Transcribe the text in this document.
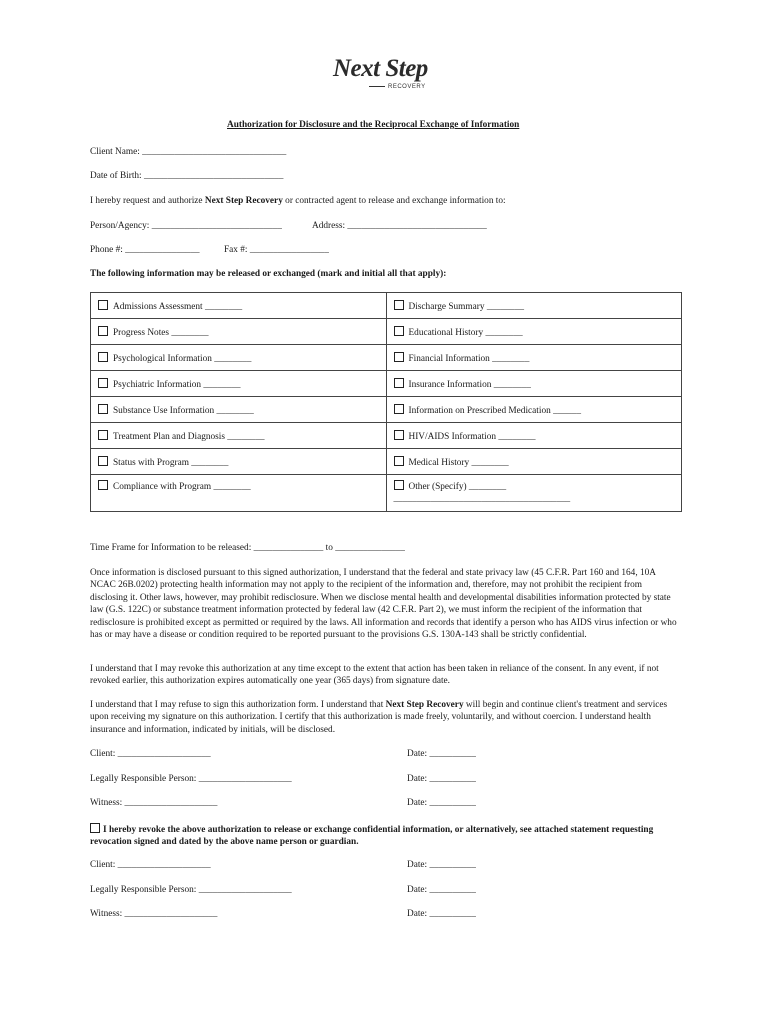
Next Step
RECOVERY
Authorization for Disclosure and the Reciprocal Exchange of Information
Client Name: _______________________________
Date of Birth: ______________________________
I hereby request and authorize Next Step Recovery or contracted agent to release and exchange information to:
Person/Agency: ____________________________	Address: ______________________________
Phone #: ________________	Fax #: _________________
The following information may be released or exchanged (mark and initial all that apply):
Admissions Assessment ________	Discharge Summary ________
Progress Notes ________	Educational History ________
Psychological Information ________	Financial Information ________
Psychiatric Information ________	Insurance Information ________
Substance Use Information ________	Information on Prescribed Medication ______
Treatment Plan and Diagnosis ________	HIV/AIDS Information ________
Status with Program ________	Medical History ________
Compliance with Program ________	Other (Specify) ________
______________________________________
Time Frame for Information to be released: _______________ to _______________
Once information is disclosed pursuant to this signed authorization, I understand that the federal and state privacy law (45 C.F.R. Part 160 and 164, 10A NCAC 26B.0202) protecting health information may not apply to the recipient of the information and, therefore, may not prohibit the recipient from disclosing it. Other laws, however, may prohibit redisclosure. When we disclose mental health and developmental disabilities information protected by state law (G.S. 122C) or substance treatment information protected by federal law (42 C.F.R. Part 2), we must inform the recipient of the information that redisclosure is prohibited except as permitted or required by the laws. All information and records that identify a person who has AIDS virus infection or who has or may have a disease or condition required to be reported pursuant to the provisions G.S. 130A-143 shall be strictly confidential.
I understand that I may revoke this authorization at any time except to the extent that action has been taken in reliance of the consent. In any event, if not revoked earlier, this authorization expires automatically one year (365 days) from signature date.
I understand that I may refuse to sign this authorization form. I understand that Next Step Recovery will begin and continue client's treatment and services upon receiving my signature on this authorization. I certify that this authorization is made freely, voluntarily, and without coercion. I understand health insurance and information, indicated by initials, will be disclosed.
Client: ____________________	Date: __________
Legally Responsible Person: ____________________	Date: __________
Witness: ____________________	Date: __________
I hereby revoke the above authorization to release or exchange confidential information, or alternatively, see attached statement requesting revocation signed and dated by the above name person or guardian.
Client: ____________________	Date: __________
Legally Responsible Person: ____________________	Date: __________
Witness: ____________________	Date: __________
